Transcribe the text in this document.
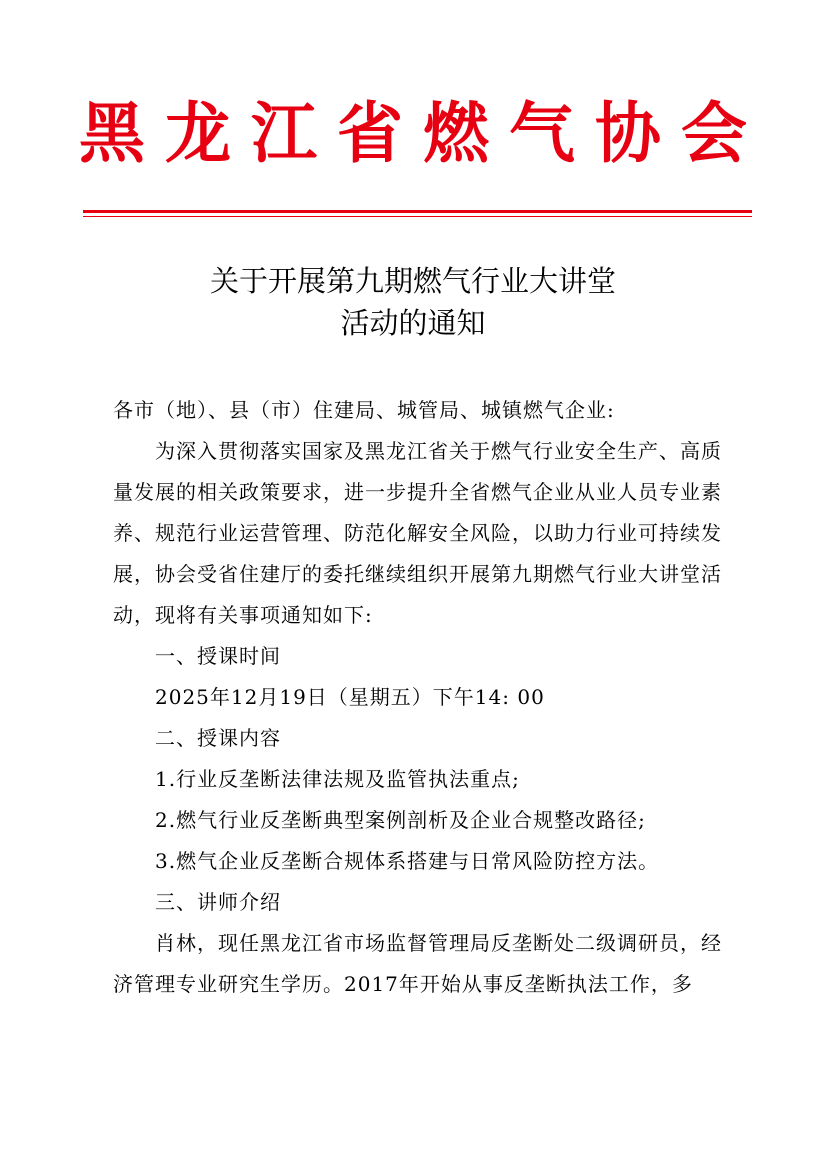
黑龙江省燃气协会
关于开展第九期燃气行业大讲堂
活动的通知

各市（地）、县（市）住建局、城管局、城镇燃气企业:

为深入贯彻落实国家及黑龙江省关于燃气行业安全生产、高质量发展的相关政策要求，进一步提升全省燃气企业从业人员专业素养、规范行业运营管理、防范化解安全风险，以助力行业可持续发展，协会受省住建厅的委托继续组织开展第九期燃气行业大讲堂活动，现将有关事项通知如下:

一、授课时间

2025年12月19日（星期五）下午14: 00

二、授课内容

1.行业反垄断法律法规及监管执法重点;

2.燃气行业反垄断典型案例剖析及企业合规整改路径;

3.燃气企业反垄断合规体系搭建与日常风险防控方法。

三、讲师介绍

肖林，现任黑龙江省市场监督管理局反垄断处二级调研员，经济管理专业研究生学历。2017年开始从事反垄断执法工作，多
